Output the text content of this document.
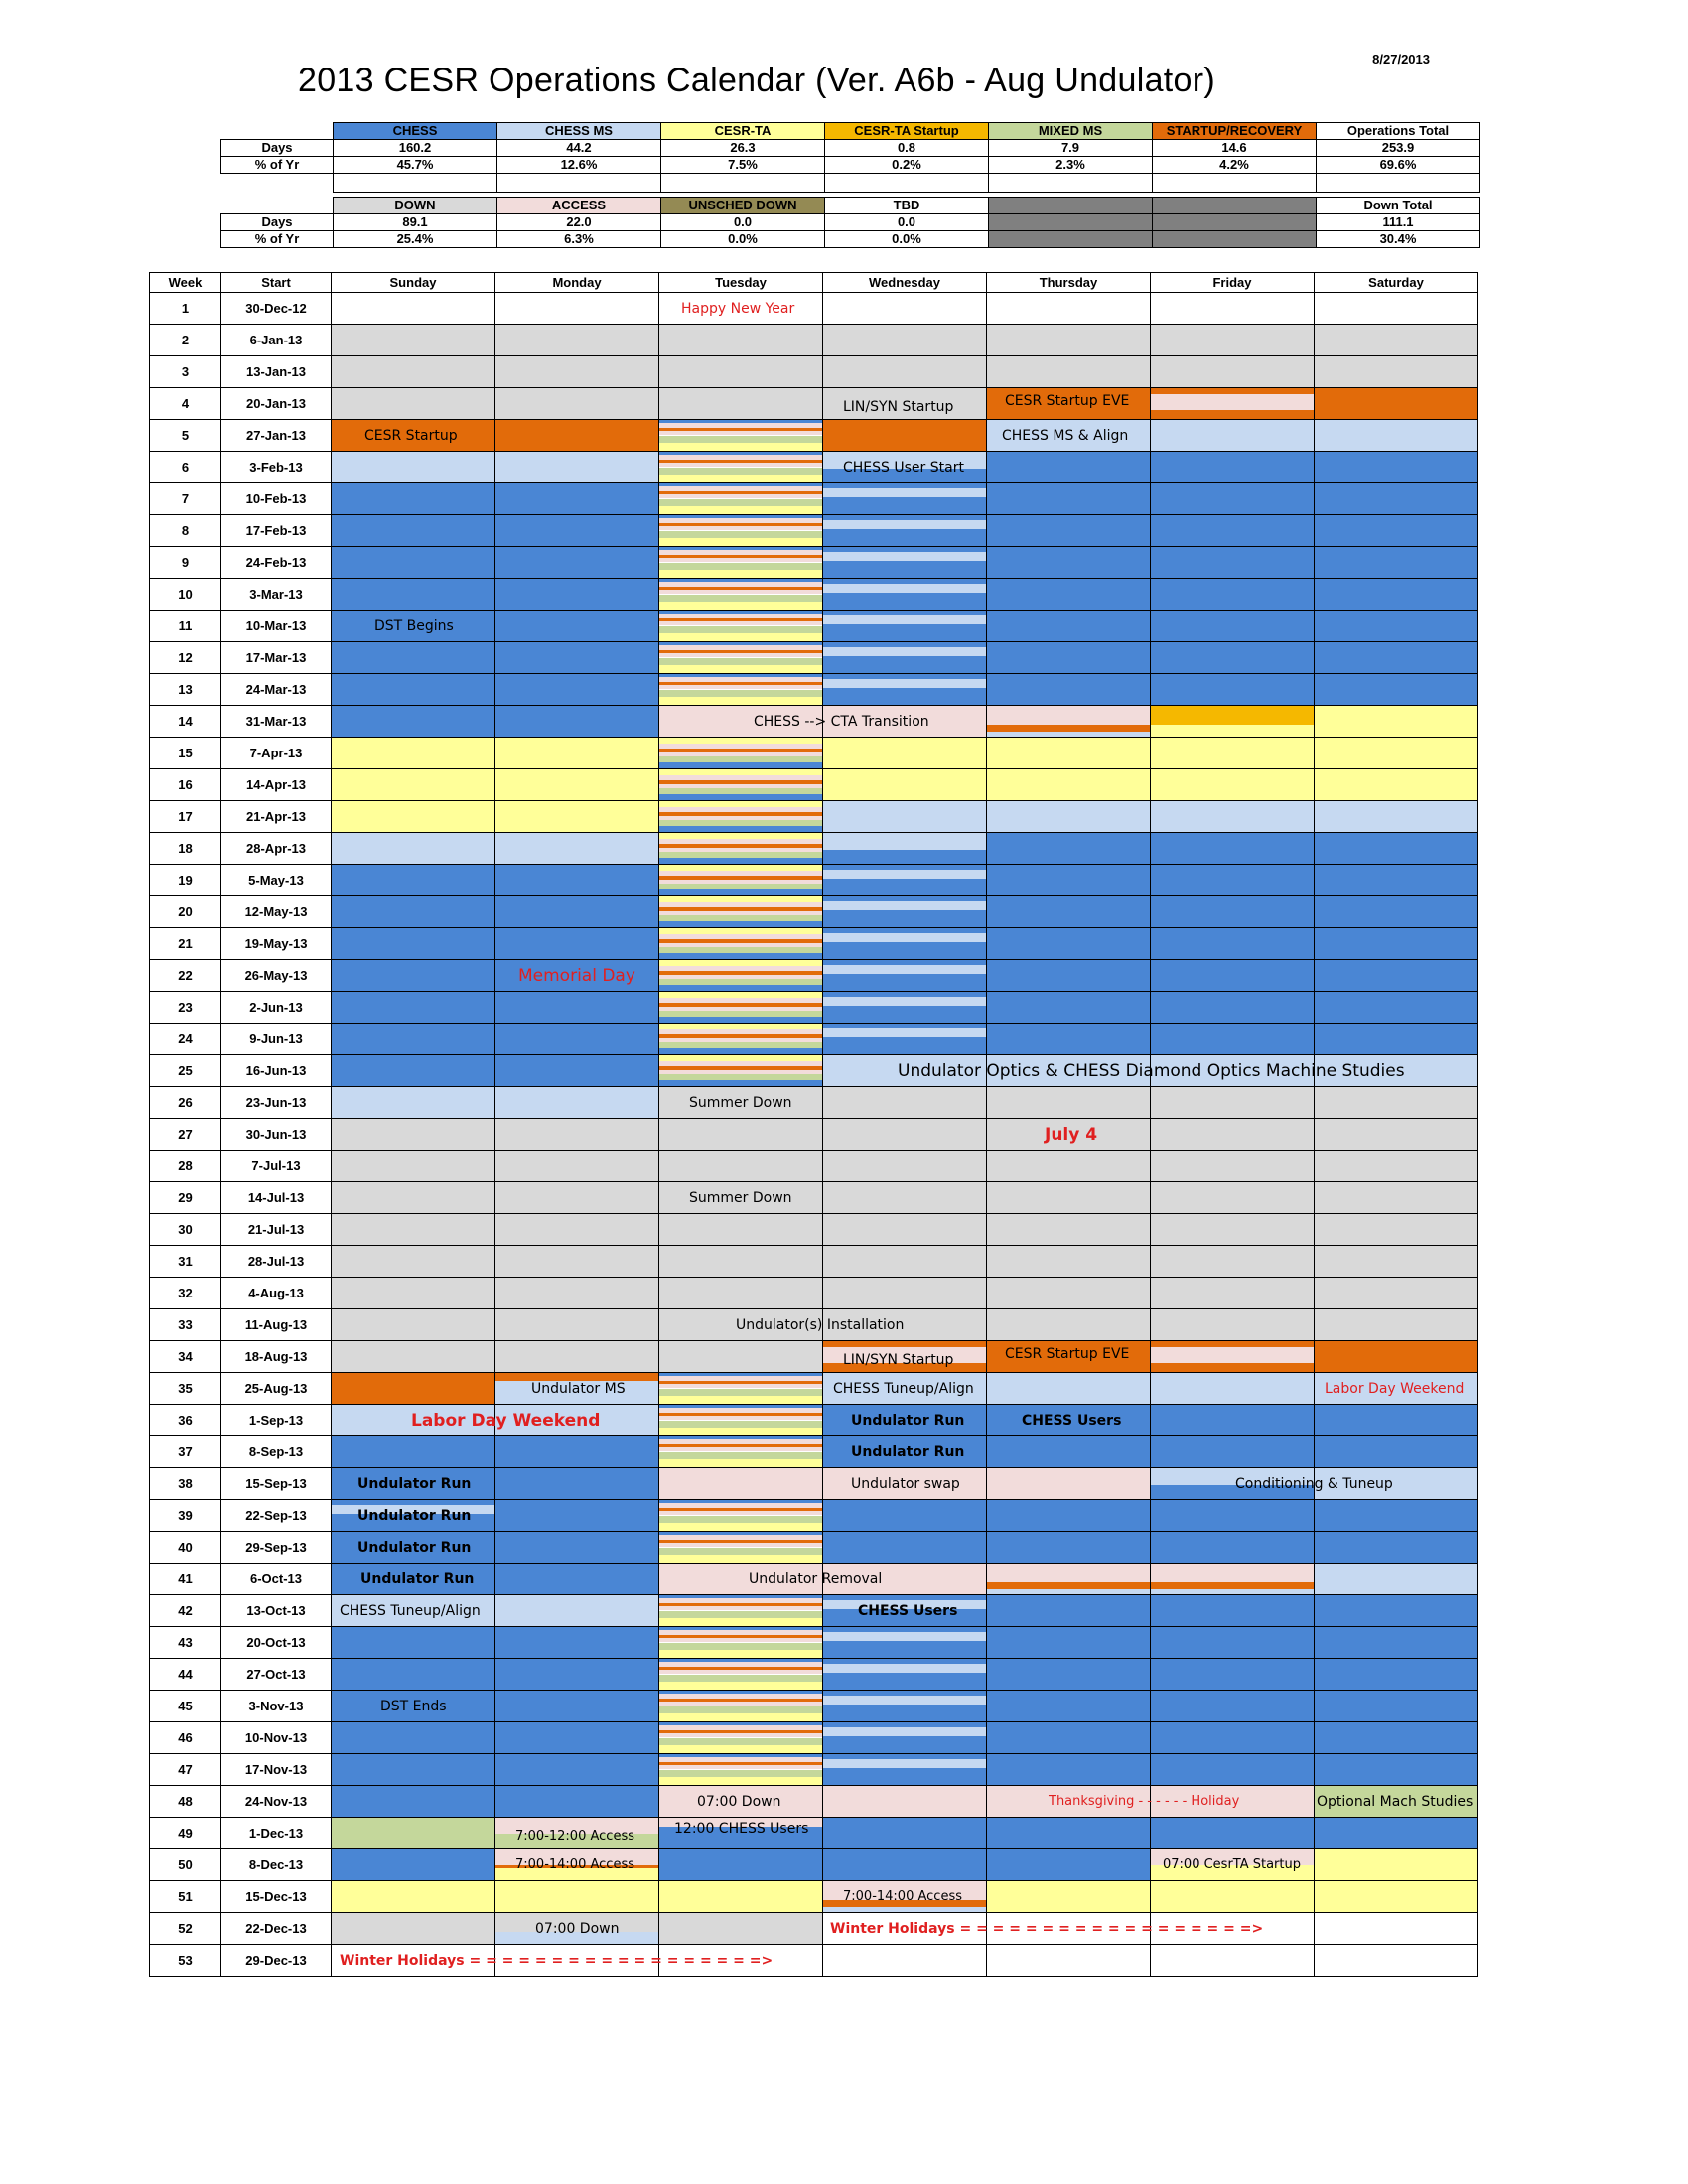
8/27/2013
2013 CESR Operations Calendar (Ver. A6b - Aug Undulator)
	CHESS	CHESS MS	CESR-TA	CESR-TA Startup	MIXED MS	STARTUP/RECOVERY	Operations Total
Days	160.2	44.2	26.3	0.8	7.9	14.6	253.9
% of Yr	45.7%	12.6%	7.5%	0.2%	2.3%	4.2%	69.6%

	DOWN	ACCESS	UNSCHED DOWN	TBD			Down Total
Days	89.1	22.0	0.0	0.0			111.1
% of Yr	25.4%	6.3%	0.0%	0.0%			30.4%
Week	Start	Sunday	Monday	Tuesday	Wednesday	Thursday	Friday	Saturday
1	30-Dec-12			Happy New Year				

2	6-Jan-13	

3	13-Jan-13	

4	20-Jan-13				LIN/SYN Startup	CESR Startup EVE		

5	27-Jan-13	CESR Startup				CHESS MS & Align		

6	3-Feb-13				CHESS User Start			

7	10-Feb-13	

8	17-Feb-13	

9	24-Feb-13	

10	3-Mar-13	

11	10-Mar-13	DST Begins						

12	17-Mar-13	

13	24-Mar-13	

14	31-Mar-13			CHESS --> CTA Transition				

15	7-Apr-13	

16	14-Apr-13	

17	21-Apr-13	

18	28-Apr-13	

19	5-May-13	

20	12-May-13	

21	19-May-13	

22	26-May-13		Memorial Day					

23	2-Jun-13	

24	9-Jun-13	

25	16-Jun-13				Undulator Optics & CHESS Diamond Optics Machine Studies			

26	23-Jun-13			Summer Down				

27	30-Jun-13					July 4		

28	7-Jul-13	

29	14-Jul-13			Summer Down				

30	21-Jul-13	

31	28-Jul-13	

32	4-Aug-13	

33	11-Aug-13			Undulator(s) Installation				

34	18-Aug-13				LIN/SYN Startup	CESR Startup EVE		

35	25-Aug-13		Undulator MS		CHESS Tuneup/Align			Labor Day Weekend

36	1-Sep-13	Labor Day Weekend			Undulator Run	CHESS Users		

37	8-Sep-13				Undulator Run			

38	15-Sep-13	Undulator Run			Undulator swap		Conditioning & Tuneup	

39	22-Sep-13	Undulator Run						

40	29-Sep-13	Undulator Run						

41	6-Oct-13	Undulator Run		Undulator Removal				

42	13-Oct-13	CHESS Tuneup/Align			CHESS Users			

43	20-Oct-13	

44	27-Oct-13	

45	3-Nov-13	DST Ends						

46	10-Nov-13	

47	17-Nov-13	

48	24-Nov-13			07:00 Down		Thanksgiving - - - - - - Holiday		Optional Mach Studies

49	1-Dec-13		7:00-12:00 Access	12:00 CHESS Users				

50	8-Dec-13		7:00-14:00 Access				07:00 CesrTA Startup	

51	15-Dec-13				7:00-14:00 Access			

52	22-Dec-13		07:00 Down		Winter Holidays = = = = = = = = = = = = = = = = = =>			

53	29-Dec-13	Winter Holidays = = = = = = = = = = = = = = = = = =>						
